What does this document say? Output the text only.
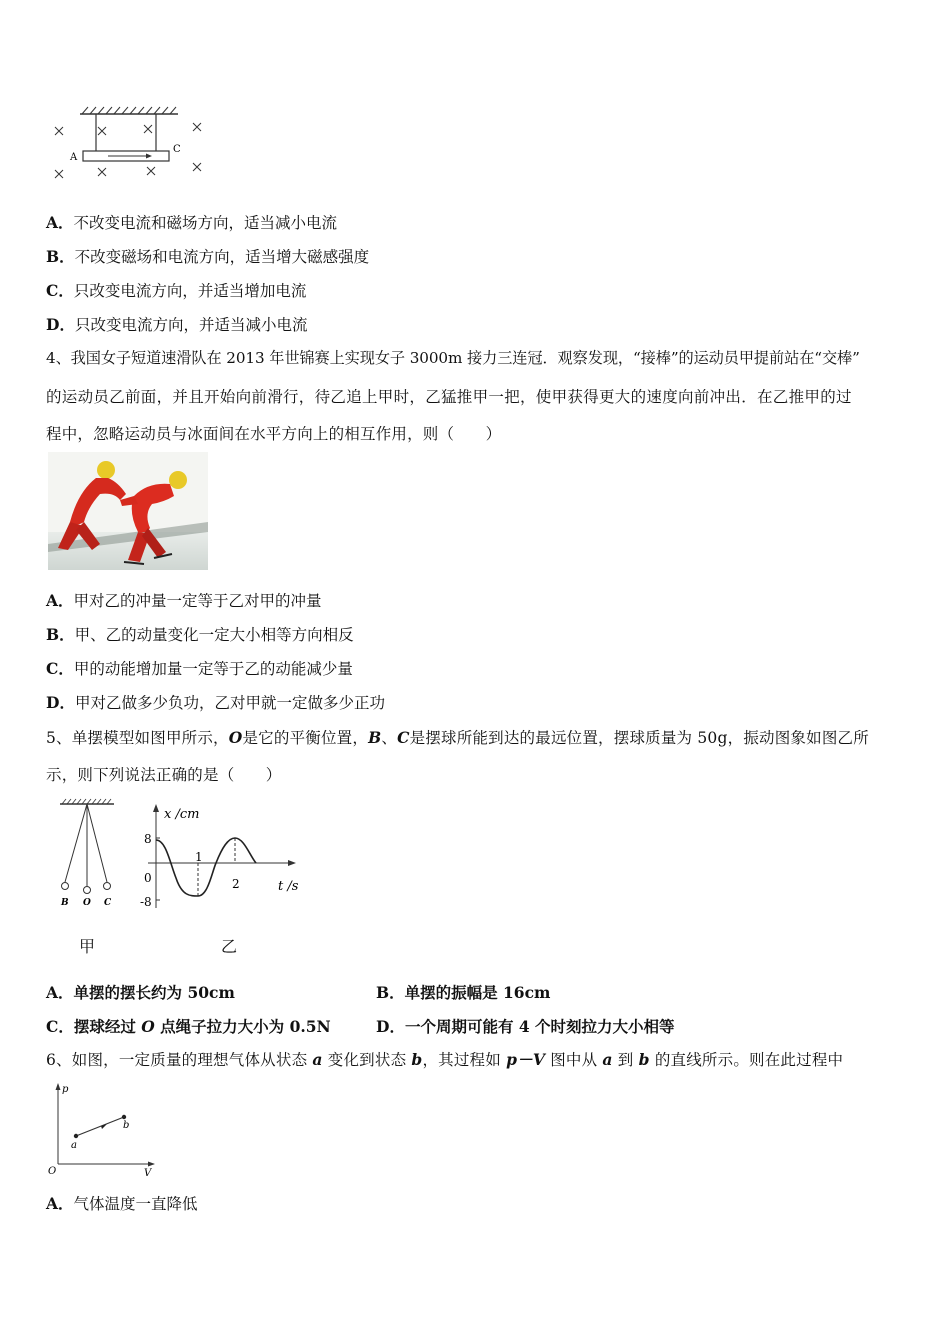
A
C
A．不改变电流和磁场方向，适当减小电流
B．不改变磁场和电流方向，适当增大磁感强度
C．只改变电流方向，并适当增加电流
D．只改变电流方向，并适当减小电流
4、我国女子短道速滑队在 2013 年世锦赛上实现女子 3000m 接力三连冠．观察发现，“接棒”的运动员甲提前站在“交棒”
的运动员乙前面，并且开始向前滑行，待乙追上甲时，乙猛推甲一把，使甲获得更大的速度向前冲出．在乙推甲的过
程中，忽略运动员与冰面间在水平方向上的相互作用，则（　　）
A．甲对乙的冲量一定等于乙对甲的冲量
B．甲、乙的动量变化一定大小相等方向相反
C．甲的动能增加量一定等于乙的动能减少量
D．甲对乙做多少负功，乙对甲就一定做多少正功
5、单摆模型如图甲所示，O是它的平衡位置，B、C是摆球所能到达的最远位置，摆球质量为 50g，振动图象如图乙所
示，则下列说法正确的是（　　）
B O C
甲
x /cm
t /s
8
0
-8
1
2
乙
A．单摆的摆长约为 50cm	B．单摆的振幅是 16cm
C．摆球经过 O 点绳子拉力大小为 0.5N	D．一个周期可能有 4 个时刻拉力大小相等
6、如图，一定质量的理想气体从状态 a 变化到状态 b，其过程如 p－V 图中从 a 到 b 的直线所示。则在此过程中
p
V
O
a
b
A．气体温度一直降低
